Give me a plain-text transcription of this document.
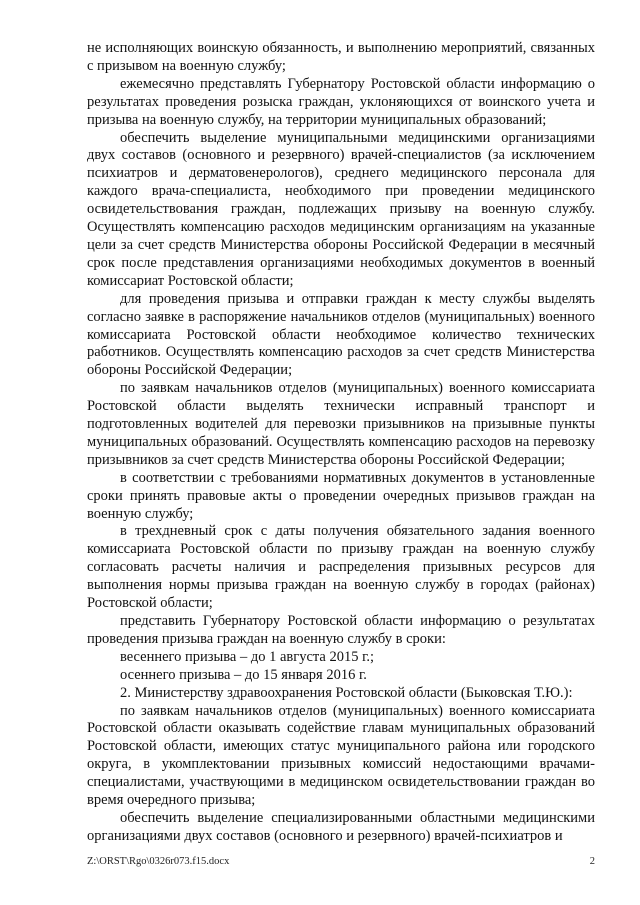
не исполняющих воинскую обязанность, и выполнению мероприятий, связанных с призывом на военную службу;

ежемесячно представлять Губернатору Ростовской области информацию о результатах проведения розыска граждан, уклоняющихся от воинского учета и призыва на военную службу, на территории муниципальных образований;

обеспечить выделение муниципальными медицинскими организациями двух составов (основного и резервного) врачей-специалистов (за исключением психиатров и дерматовенерологов), среднего медицинского персонала для каждого врача-специалиста, необходимого при проведении медицинского освидетельствования граждан, подлежащих призыву на военную службу. Осуществлять компенсацию расходов медицинским организациям на указанные цели за счет средств Министерства обороны Российской Федерации в месячный срок после представления организациями необходимых документов в военный комиссариат Ростовской области;

для проведения призыва и отправки граждан к месту службы выделять согласно заявке в распоряжение начальников отделов (муниципальных) военного комиссариата Ростовской области необходимое количество технических работников. Осуществлять компенсацию расходов за счет средств Министерства обороны Российской Федерации;

по заявкам начальников отделов (муниципальных) военного комиссариата Ростовской области выделять технически исправный транспорт и подготовленных водителей для перевозки призывников на призывные пункты муниципальных образований. Осуществлять компенсацию расходов на перевозку призывников за счет средств Министерства обороны Российской Федерации;

в соответствии с требованиями нормативных документов в установленные сроки принять правовые акты о проведении очередных призывов граждан на военную службу;

в трехдневный срок с даты получения обязательного задания военного комиссариата Ростовской области по призыву граждан на военную службу согласовать расчеты наличия и распределения призывных ресурсов для выполнения нормы призыва граждан на военную службу в городах (районах) Ростовской области;

представить Губернатору Ростовской области информацию о результатах проведения призыва граждан на военную службу в сроки:

весеннего призыва – до 1 августа 2015 г.;

осеннего призыва – до 15 января 2016 г.

2. Министерству здравоохранения Ростовской области (Быковская Т.Ю.):

по заявкам начальников отделов (муниципальных) военного комиссариата Ростовской области оказывать содействие главам муниципальных образований Ростовской области, имеющих статус муниципального района или городского округа, в укомплектовании призывных комиссий недостающими врачами-специалистами, участвующими в медицинском освидетельствовании граждан во время очередного призыва;

обеспечить выделение специализированными областными медицинскими организациями двух составов (основного и резервного) врачей-психиатров и

Z:\ORST\Rgo\0326r073.f15.docx	2
